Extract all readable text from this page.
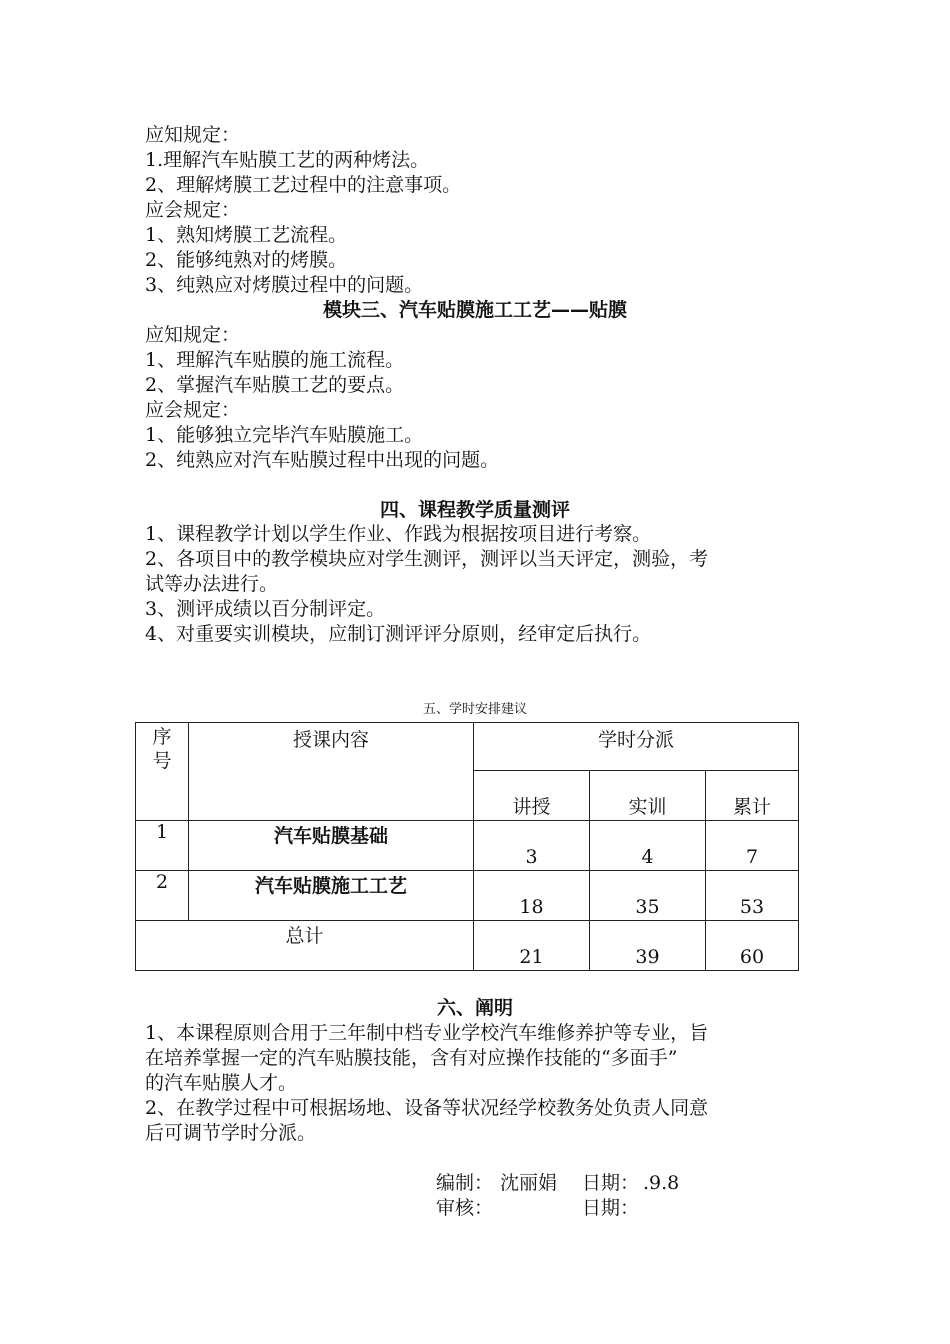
应知规定：
1.理解汽车贴膜工艺的两种烤法。
2、理解烤膜工艺过程中的注意事项。
应会规定：
1、熟知烤膜工艺流程。
2、能够纯熟对的烤膜。
3、纯熟应对烤膜过程中的问题。
模块三、汽车贴膜施工工艺——贴膜
应知规定：
1、理解汽车贴膜的施工流程。
2、掌握汽车贴膜工艺的要点。
应会规定：
1、能够独立完毕汽车贴膜施工。
2、纯熟应对汽车贴膜过程中出现的问题。
四、课程教学质量测评
1、课程教学计划以学生作业、作践为根据按项目进行考察。
2、各项目中的教学模块应对学生测评，测评以当天评定，测验，考
试等办法进行。
3、测评成绩以百分制评定。
4、对重要实训模块，应制订测评评分原则，经审定后执行。
五、学时安排建议
序
号	授课内容	学时分派		
		讲授	实训	累计
1	汽车贴膜基础	3	4	7
2	汽车贴膜施工工艺	18	35	53
总计		21	39	60
六、阐明
1、本课程原则合用于三年制中档专业学校汽车维修养护等专业，旨
在培养掌握一定的汽车贴膜技能，含有对应操作技能的“多面手”
的汽车贴膜人才。
2、在教学过程中可根据场地、设备等状况经学校教务处负责人同意
后可调节学时分派。
编制： 沈丽娟 日期： .9.8
审核：	日期：
